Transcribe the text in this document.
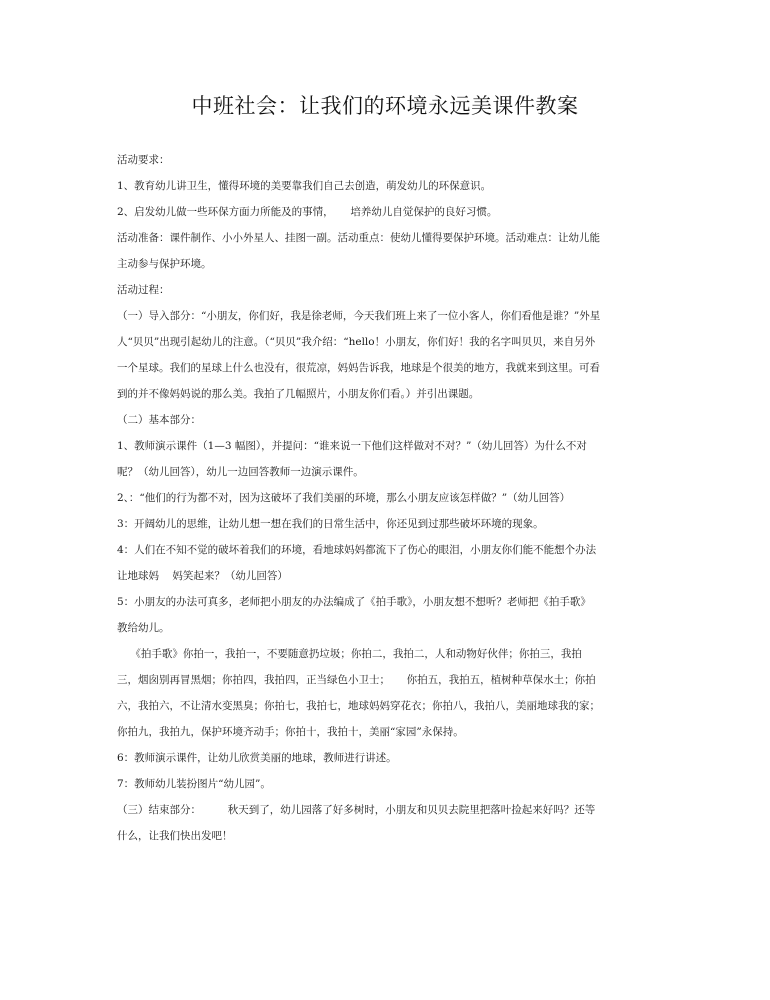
中班社会：让我们的环境永远美课件教案
活动要求：
1、教育幼儿讲卫生，懂得环境的美要靠我们自己去创造，萌发幼儿的环保意识。
2、启发幼儿做一些环保方面力所能及的事情，     培养幼儿自觉保护的良好习惯。
活动准备：课件制作、小小外星人、挂图一副。活动重点：使幼儿懂得要保护环境。活动难点：让幼儿能
主动参与保护环境。
活动过程：
（一）导入部分：“小朋友，你们好，我是徐老师，今天我们班上来了一位小客人，你们看他是谁？”外星
人“贝贝”出现引起幼儿的注意。（“贝贝”我介绍：“hello！小朋友，你们好！我的名字叫贝贝，来自另外
一个星球。我们的星球上什么也没有，很荒凉，妈妈告诉我，地球是个很美的地方，我就来到这里。可看
到的并不像妈妈说的那么美。我拍了几幅照片，小朋友你们看。）并引出课题。
（二）基本部分：
1、教师演示课件（1—3 幅图），并提问：“谁来说一下他们这样做对不对？”（幼儿回答）为什么不对
呢？（幼儿回答），幼儿一边回答教师一边演示课件。
2、：“他们的行为都不对，因为这破坏了我们美丽的环境，那么小朋友应该怎样做？”（幼儿回答）
3：开阔幼儿的思维，让幼儿想一想在我们的日常生活中，你还见到过那些破坏环境的现象。
4：人们在不知不觉的破坏着我们的环境，看地球妈妈都流下了伤心的眼泪，小朋友你们能不能想个办法
让地球妈    妈笑起来？（幼儿回答）
5：小朋友的办法可真多，老师把小朋友的办法编成了《拍手歌》，小朋友想不想听？老师把《拍手歌》
教给幼儿。
《拍手歌》你拍一，我拍一，不要随意扔垃圾；你拍二，我拍二，人和动物好伙伴；你拍三，我拍
三，烟囱别再冒黑烟；你拍四，我拍四，正当绿色小卫士；     你拍五，我拍五，植树种草保水土；你拍
六，我拍六，不让清水变黑臭；你拍七，我拍七，地球妈妈穿花衣；你拍八，我拍八，美丽地球我的家；
你拍九，我拍九，保护环境齐动手；你拍十，我拍十，美丽“家园”永保持。
6：教师演示课件，让幼儿欣赏美丽的地球，教师进行讲述。
7：教师幼儿装扮图片“幼儿园”。
（三）结束部分：        秋天到了，幼儿园落了好多树时，小朋友和贝贝去院里把落叶捡起来好吗？还等
什么，让我们快出发吧！
